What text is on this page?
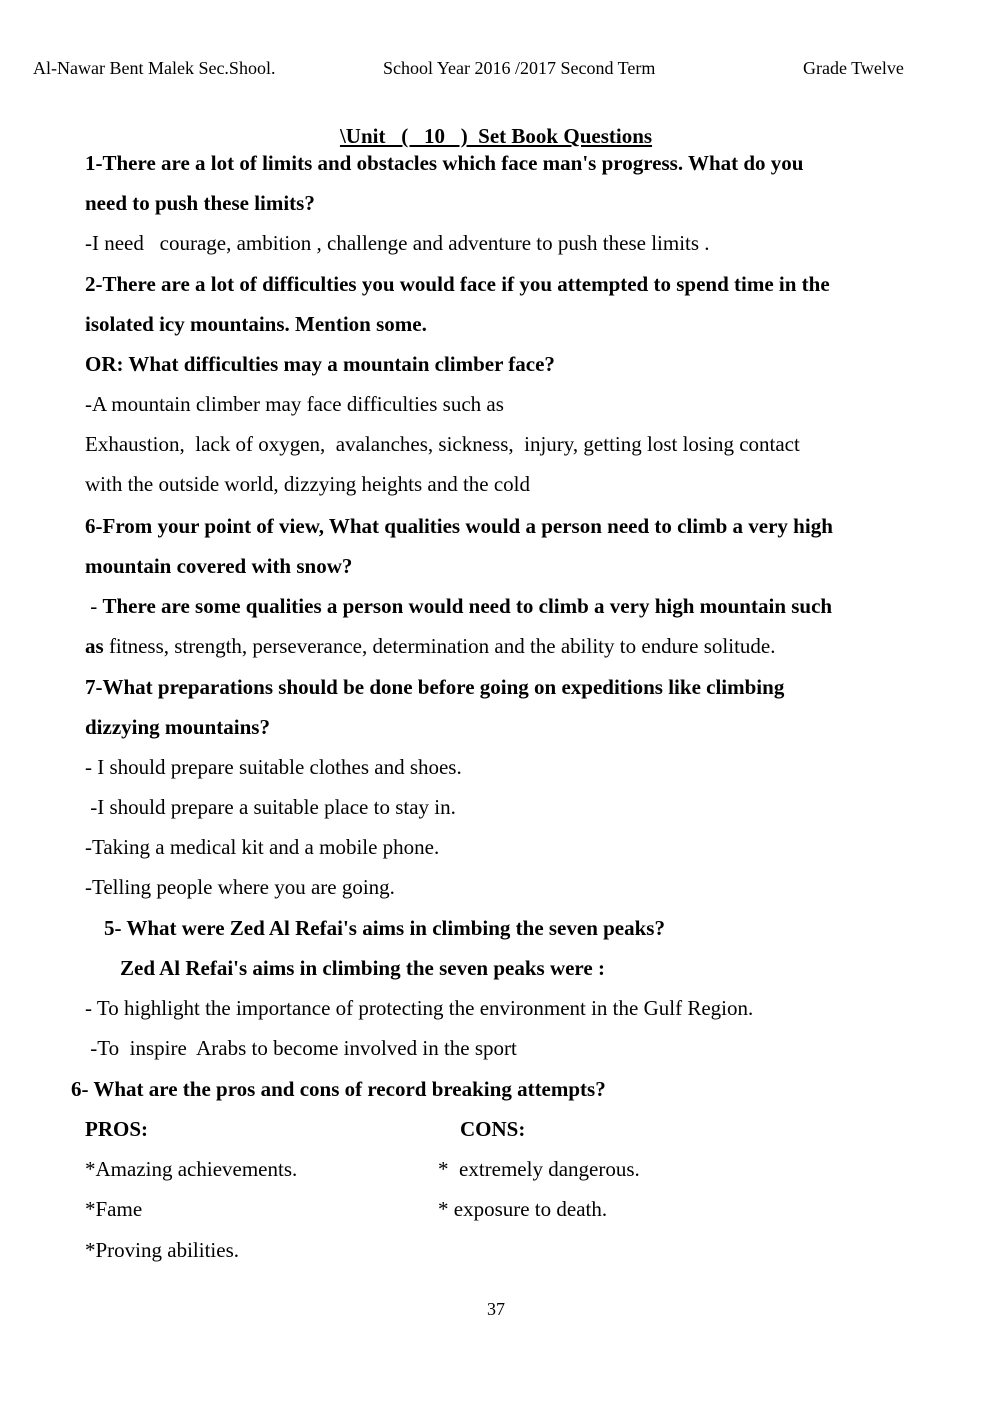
Al-Nawar Bent Malek Sec.Shool.	School Year 2016 /2017 Second Term	Grade Twelve
\Unit   (   10   )  Set Book Questions
1-There are a lot of limits and obstacles which face man's progress. What do you
need to push these limits?
-I need   courage, ambition , challenge and adventure to push these limits .
2-There are a lot of difficulties you would face if you attempted to spend time in the
isolated icy mountains. Mention some.
OR: What difficulties may a mountain climber face?
-A mountain climber may face difficulties such as
Exhaustion,  lack of oxygen,  avalanches, sickness,  injury, getting lost losing contact
with the outside world, dizzying heights and the cold
6-From your point of view, What qualities would a person need to climb a very high
mountain covered with snow?
- There are some qualities a person would need to climb a very high mountain such
as fitness, strength, perseverance, determination and the ability to endure solitude.
7-What preparations should be done before going on expeditions like climbing
dizzying mountains?
- I should prepare suitable clothes and shoes.
-I should prepare a suitable place to stay in.
-Taking a medical kit and a mobile phone.
-Telling people where you are going.
5- What were Zed Al Refai's aims in climbing the seven peaks?
Zed Al Refai's aims in climbing the seven peaks were :
- To highlight the importance of protecting the environment in the Gulf Region.
-To  inspire  Arabs to become involved in the sport
6- What are the pros and cons of record breaking attempts?
PROS:	CONS:
*Amazing achievements.	*  extremely dangerous.
*Fame	* exposure to death.
*Proving abilities.
37
